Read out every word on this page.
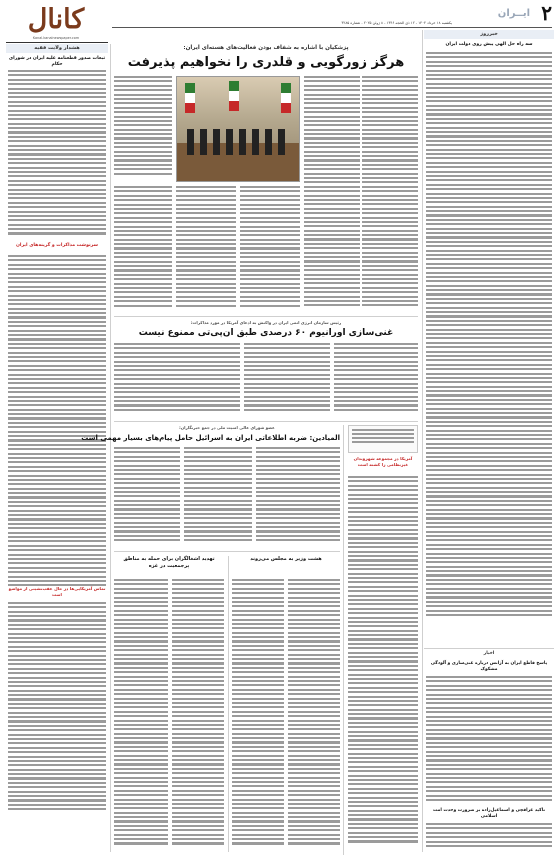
کانال
Kanal.kanalnewspaper.com
۲
ایــران
یکشنبه ۱۸ خرداد ۱۴۰۴ - ۱۲ ذی الحجه ۱۴۴۶ - ۸ ژوئن ۲۰۲۵ - شماره ۴۲۸۵
هشدار ولایت فقیه
تبعات صدور قطعنامه علیه ایران در شورای حکام
سرنوشت مذاکرات و گزینه‌های ایران
خبرروز
سه راه حل الهی پیش روی دولت ایران
اخبار
پاسخ قاطع ایران به آژانس درباره غنی‌سازی و آلودگی مشکوک
تاکید عراقچی و اسماعیل‌زاده بر ضرورت وحدت امت اسلامی
پزشکیان با اشاره به شفاف بودن فعالیت‌های هسته‌ای ایران:
هرگز زورگویی و قلدری را نخواهیم پذیرفت
رئیس سازمان انرژی اتمی ایران در واکنش به ادعای آمریکا در مورد مذاکرات:
غنی‌سازی اورانیوم ۶۰ درصدی طبق ان‌پی‌تی ممنوع نیست
عضو شورای عالی امنیت ملی در جمع خبرنگاران:
المیادین: ضربه اطلاعاتی ایران به اسرائیل حامل پیام‌های بسیار مهمی است
آمریکا در مجموعه شهروندان غیرنظامی را کشته است
تهدید اشغالگران برای حمله به مناطق پرجمعیت در غزه
هشت وزیر به مجلس می‌روند
تماس آمریکایی‌ها در حال عقب‌نشینی از مواضع است
